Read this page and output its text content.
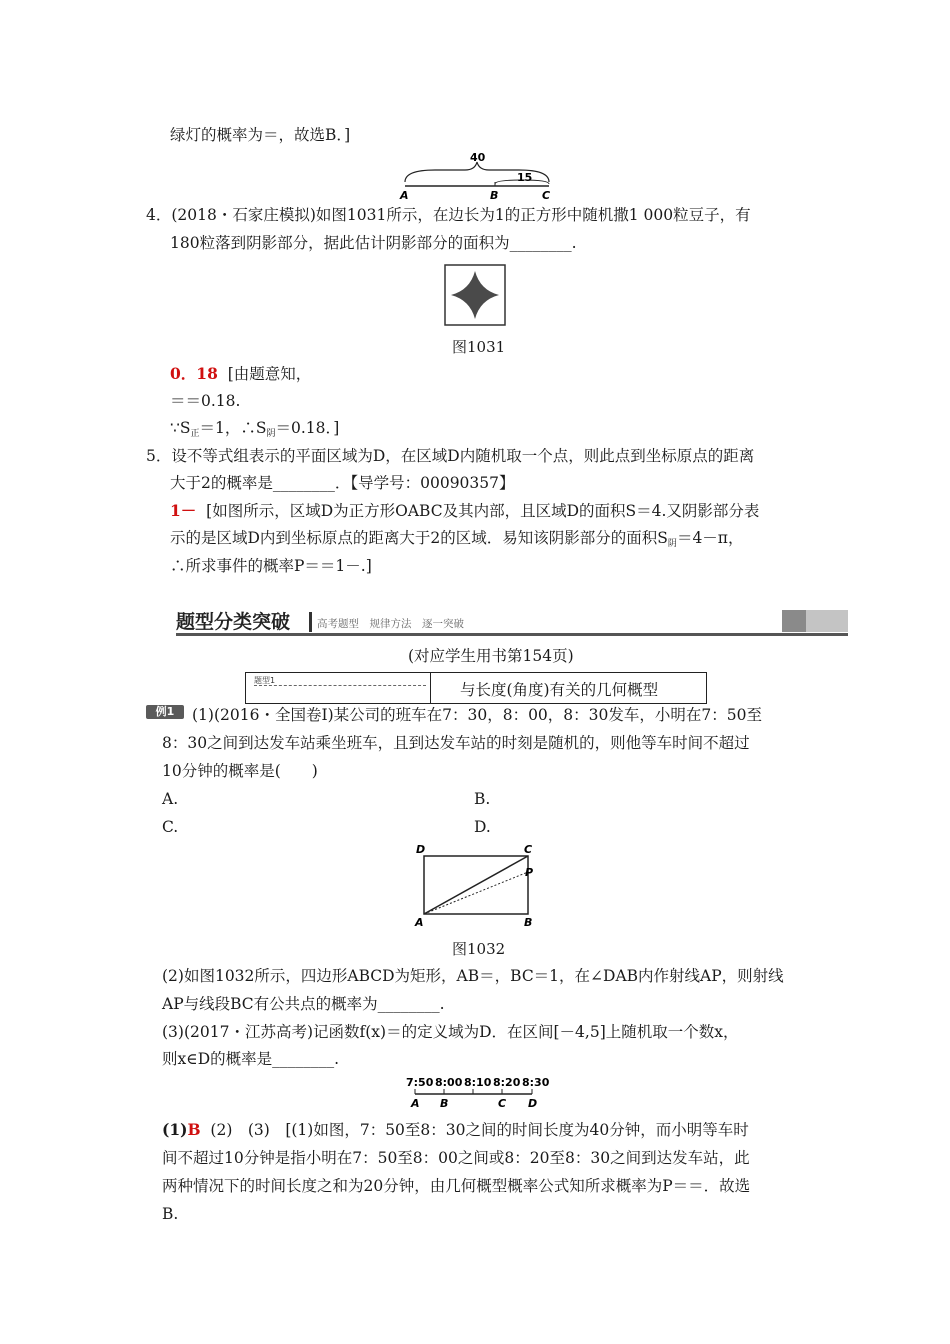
绿灯的概率为＝，故选B．]
40
15
A	B	C
4．(2018・石家庄模拟)如图1031所示，在边长为1的正方形中随机撒1 000粒豆子，有
180粒落到阴影部分，据此估计阴影部分的面积为________.
图1031
0．18 [由题意知，
＝＝0.18.
$\because S_正=1$，$\therefore S_阴=0.18$．]
5．设不等式组表示的平面区域为D，在区域D内随机取一个点，则此点到坐标原点的距离
大于2的概率是________．【导学号：00090357】
1－ [如图所示，区域D为正方形OABC及其内部，且区域D的面积S＝4.又阴影部分表
示的是区域D内到坐标原点的距离大于2的区域．易知该阴影部分的面积$S_阴=4-\pi$，
∴所求事件的概率P＝＝1－.]
题型分类突破	高考题型　规律方法　逐一突破
(对应学生用书第154页)
题型1
与长度(角度)有关的几何概型
例1	(1)(2016・全国卷Ⅰ)某公司的班车在7：30，8：00，8：30发车，小明在7：50至
8：30之间到达发车站乘坐班车，且到达发车站的时刻是随机的，则他等车时间不超过
10分钟的概率是(　　)
A.	B.
C.	D.
D	C
P
A	B
图1032
(2)如图1032所示，四边形ABCD为矩形，AB＝，BC＝1，在∠DAB内作射线AP，则射线
AP与线段BC有公共点的概率为________.
(3)(2017・江苏高考)记函数f(x)＝的定义域为D．在区间[－4,5]上随机取一个数x，
则x∈D的概率是________.
7:50 8:00 8:10 8:20 8:30
A B	C D
(1)B (2)　(3)　[(1)如图，7：50至8：30之间的时间长度为40分钟，而小明等车时
间不超过10分钟是指小明在7：50至8：00之间或8：20至8：30之间到达发车站，此
两种情况下的时间长度之和为20分钟，由几何概型概率公式知所求概率为P＝＝．故选
B.
